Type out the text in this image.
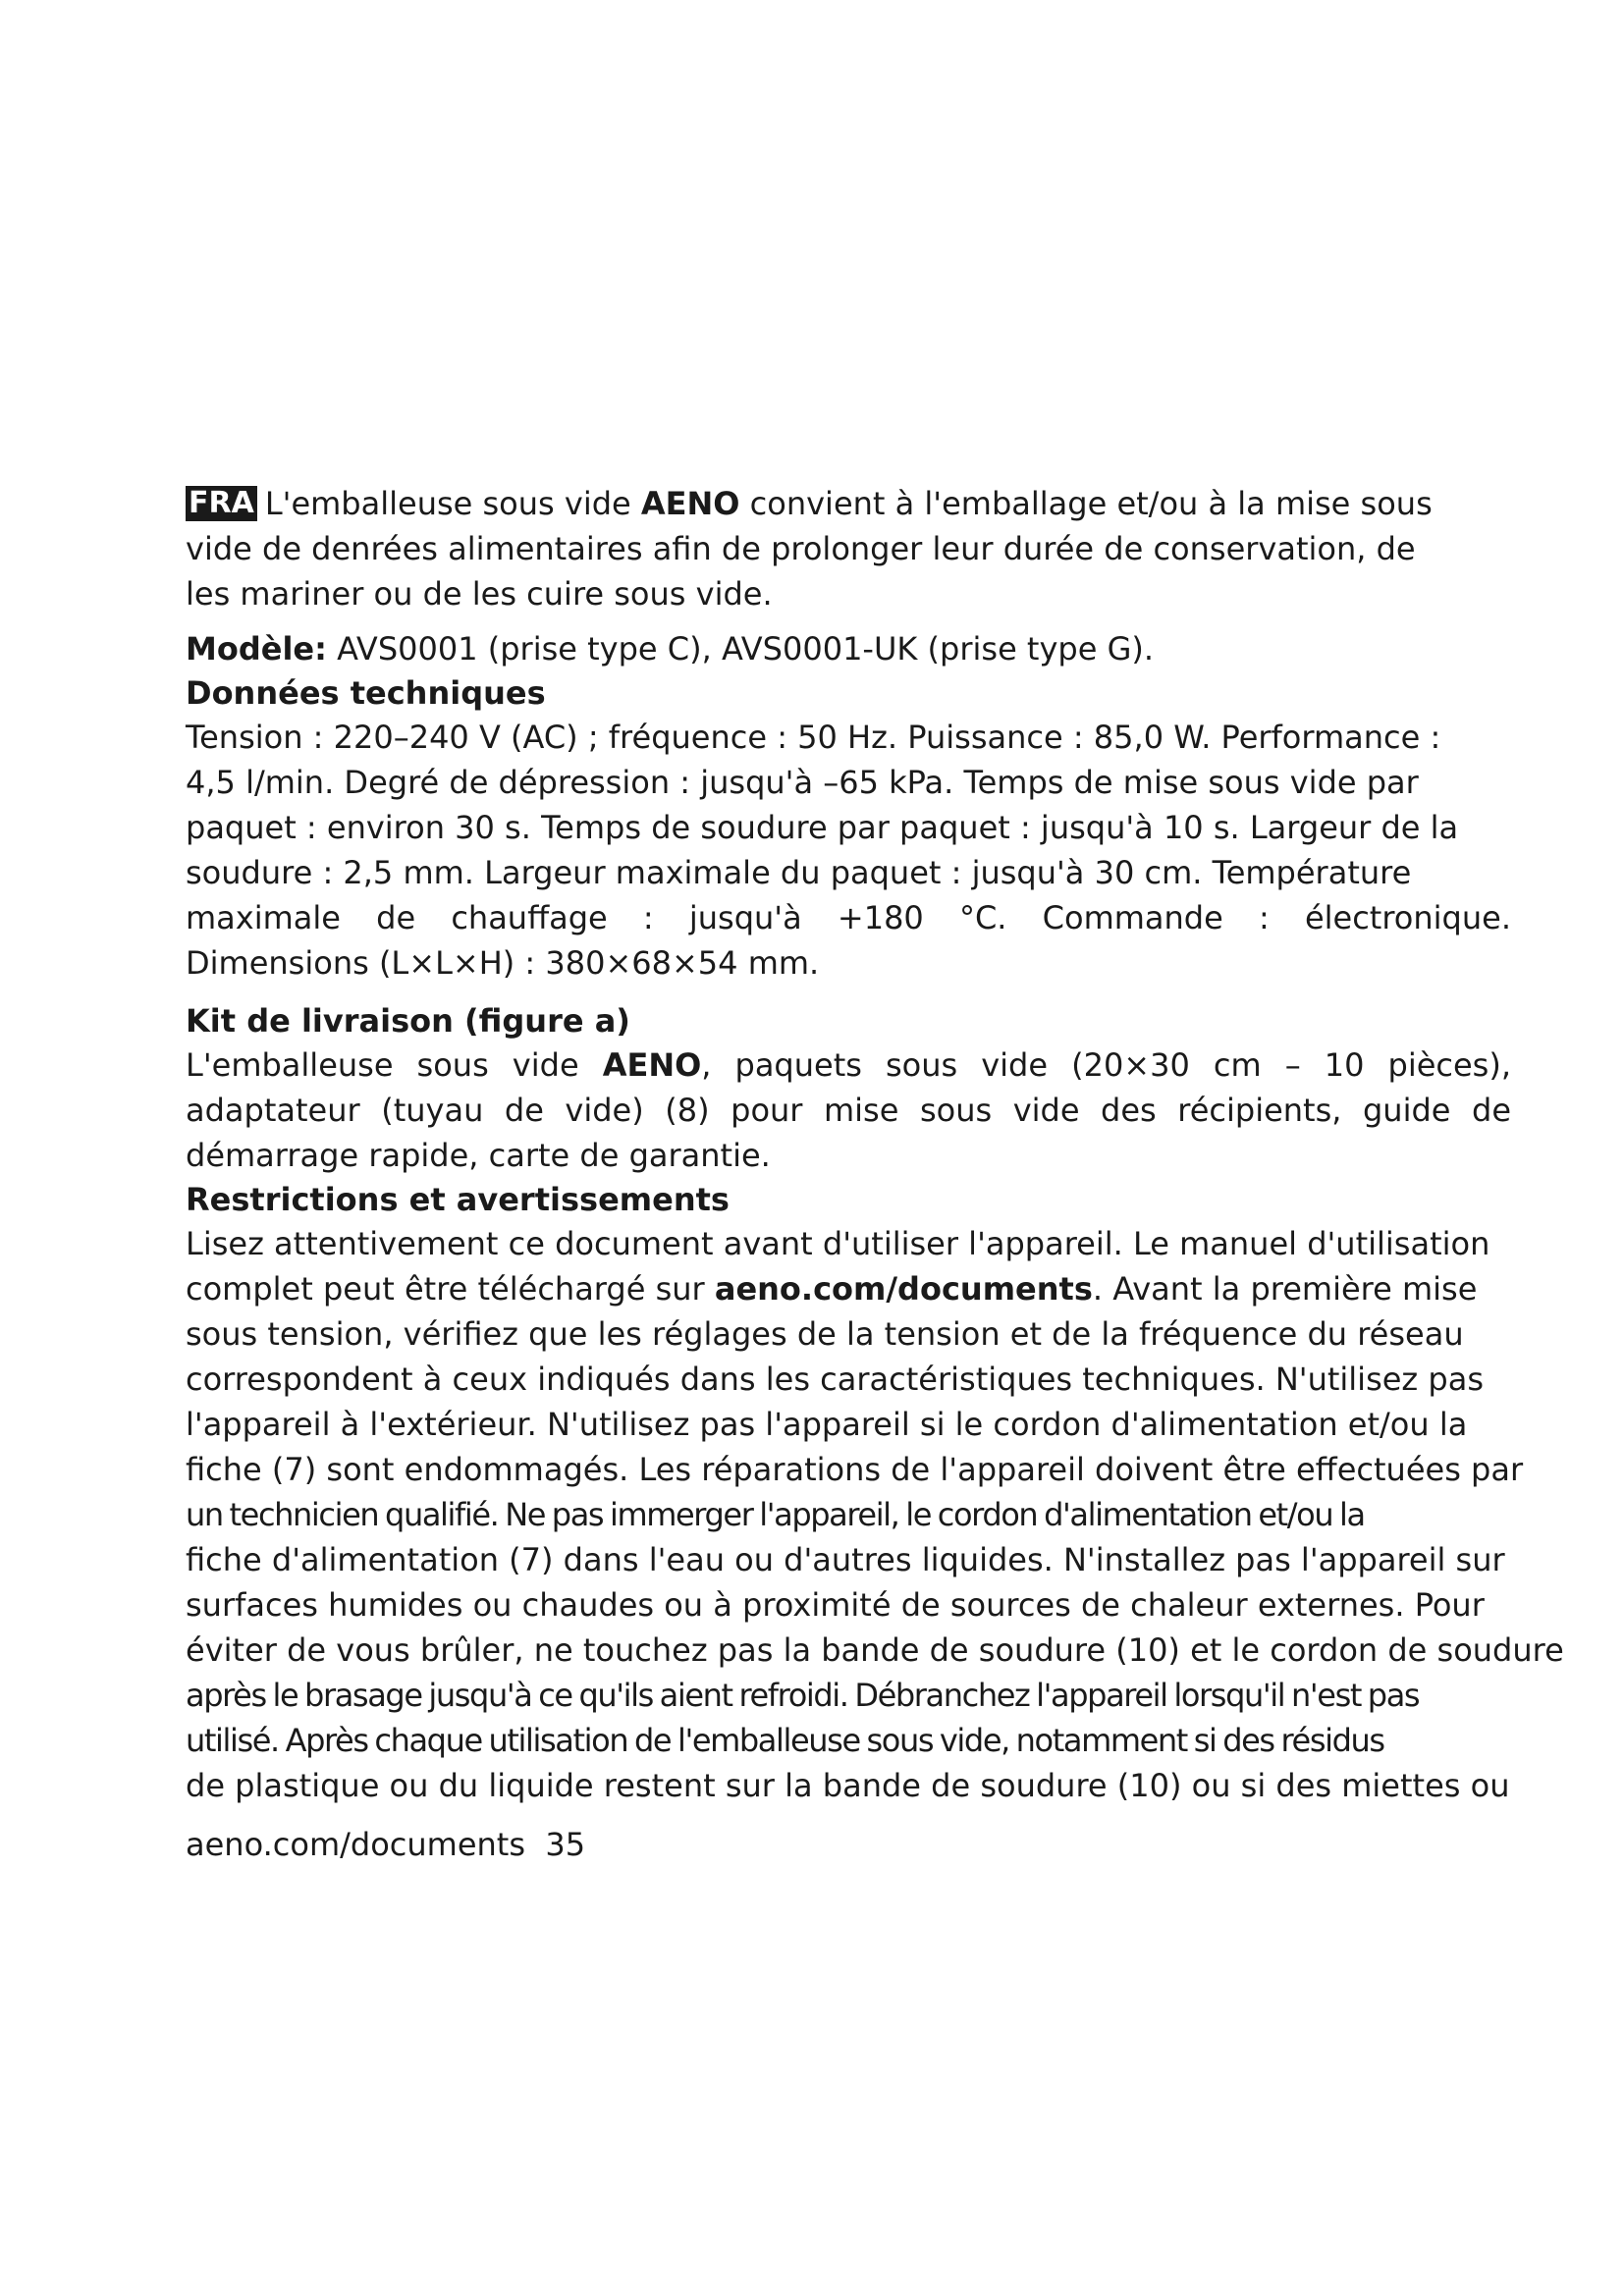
FRA L'emballeuse sous vide AENO convient à l'emballage et/ou à la mise sous
vide de denrées alimentaires afin de prolonger leur durée de conservation, de
les mariner ou de les cuire sous vide.

Modèle: AVS0001 (prise type C), AVS0001-UK (prise type G).

Données techniques

Tension : 220–240 V (AC) ; fréquence : 50 Hz. Puissance : 85,0 W. Performance :
4,5 l/min. Degré de dépression : jusqu'à –65 kPa. Temps de mise sous vide par
paquet : environ 30 s. Temps de soudure par paquet : jusqu'à 10 s. Largeur de la
soudure : 2,5 mm. Largeur maximale du paquet : jusqu'à 30 cm. Température
maximale de chauffage : jusqu'à +180 °C. Commande : électronique.
Dimensions (L×L×H) : 380×68×54 mm.

Kit de livraison (figure a)

L'emballeuse sous vide AENO, paquets sous vide (20×30 cm – 10 pièces),
adaptateur (tuyau de vide) (8) pour mise sous vide des récipients, guide de
démarrage rapide, carte de garantie.

Restrictions et avertissements
Lisez attentivement ce document avant d'utiliser l'appareil. Le manuel d'utilisation
complet peut être téléchargé sur aeno.com/documents. Avant la première mise
sous tension, vérifiez que les réglages de la tension et de la fréquence du réseau
correspondent à ceux indiqués dans les caractéristiques techniques. N'utilisez pas
l'appareil à l'extérieur. N'utilisez pas l'appareil si le cordon d'alimentation et/ou la
fiche (7) sont endommagés. Les réparations de l'appareil doivent être effectuées par
un technicien qualifié. Ne pas immerger l'appareil, le cordon d'alimentation et/ou la
fiche d'alimentation (7) dans l'eau ou d'autres liquides. N'installez pas l'appareil sur
surfaces humides ou chaudes ou à proximité de sources de chaleur externes. Pour
éviter de vous brûler, ne touchez pas la bande de soudure (10) et le cordon de soudure
après le brasage jusqu'à ce qu'ils aient refroidi. Débranchez l'appareil lorsqu'il n'est pas
utilisé. Après chaque utilisation de l'emballeuse sous vide, notamment si des résidus
de plastique ou du liquide restent sur la bande de soudure (10) ou si des miettes ou
aeno.com/documents 35
